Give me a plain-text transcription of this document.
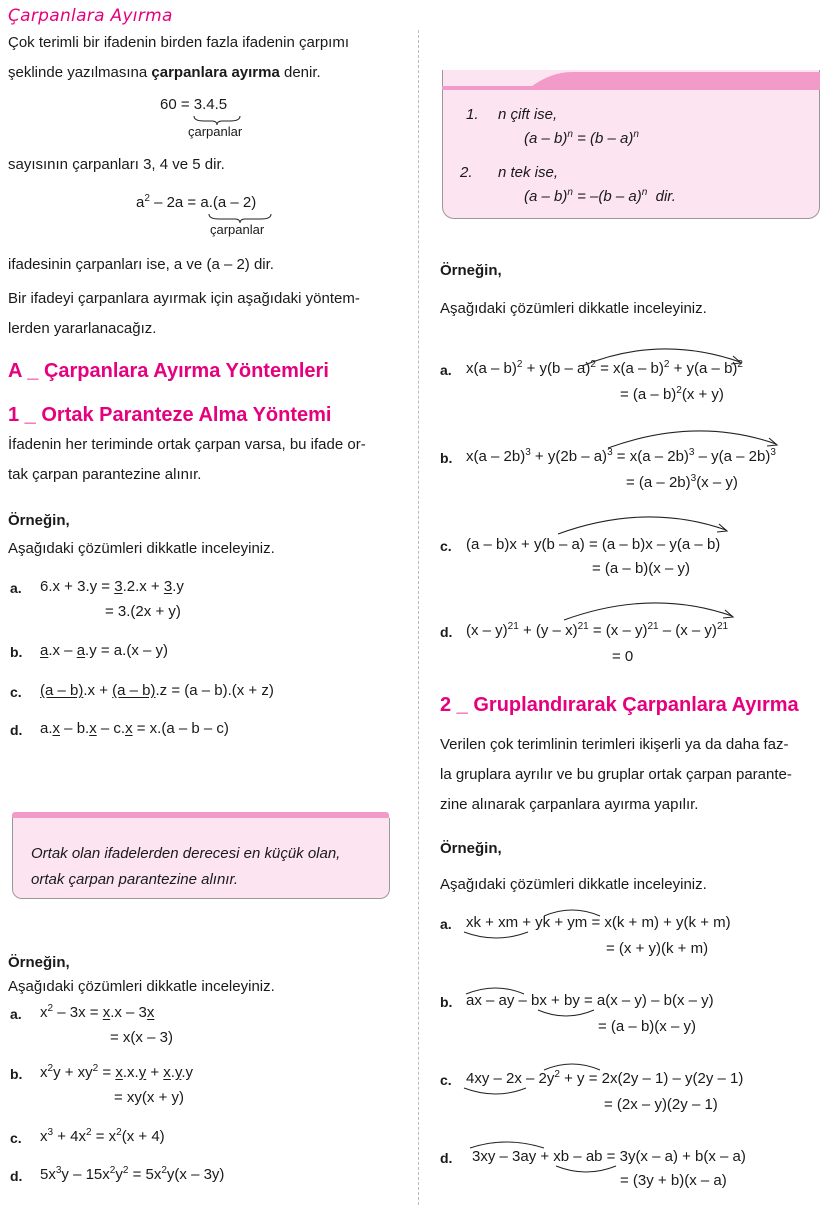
Çarpanlara Ayırma
Çok terimli bir ifadenin birden fazla ifadenin çarpımı
şeklinde yazılmasına çarpanlara ayırma denir.
60 = 3.4.5
çarpanlar
sayısının çarpanları 3, 4 ve 5 dir.
$a^2 - 2a = a.(a - 2)$
çarpanlar
ifadesinin çarpanları ise, a ve (a – 2) dir.
Bir ifadeyi çarpanlara ayırmak için aşağıdaki yöntem-
lerden yararlanacağız.
A _ Çarpanlara Ayırma Yöntemleri
1 _ Ortak Paranteze Alma Yöntemi
İfadenin her teriminde ortak çarpan varsa, bu ifade or-
tak çarpan parantezine alınır.
Örneğin,
Aşağıdaki çözümleri dikkatle inceleyiniz.
a. 6.x + 3.y = 3.2.x + 3.y
= 3.(2x + y)
b. a.x – a.y = a.(x – y)
c. (a – b).x + (a – b).z = (a – b).(x + z)
d. a.x – b.x – c.x = x.(a – b – c)
Ortak olan ifadelerden derecesi en küçük olan,
ortak çarpan parantezine alınır.
Örneğin,
Aşağıdaki çözümleri dikkatle inceleyiniz.
a. $x^2 - 3x = x.x - 3x$
= x(x – 3)
b. $x^2y + xy^2 = x.x.y + x.y.y$
= xy(x + y)
c. $x^3 + 4x^2 = x^2(x + 4)$
d. $5x^3y - 15x^2y^2 = 5x^2y(x - 3y)$
1. n çift ise,
(a – b)$^n$ = (b – a)$^n$
2. n tek ise,
(a – b)$^n$ = –(b – a)$^n$  dir.
Örneğin,
Aşağıdaki çözümleri dikkatle inceleyiniz.
a. x(a – b)$^2$ + y(b – a)$^2$ = x(a – b)$^2$ + y(a – b)$^2$
= (a – b)$^2$(x + y)
b. x(a – 2b)$^3$ + y(2b – a)$^3$ = x(a – 2b)$^3$ – y(a – 2b)$^3$
= (a – 2b)$^3$(x – y)
c. (a – b)x + y(b – a) = (a – b)x – y(a – b)
= (a – b)(x – y)
d. (x – y)$^{21}$ + (y – x)$^{21}$ = (x – y)$^{21}$ – (x – y)$^{21}$
= 0
2 _ Gruplandırarak Çarpanlara Ayırma
Verilen çok terimlinin terimleri ikişerli ya da daha faz-
la gruplara ayrılır ve bu gruplar ortak çarpan parante-
zine alınarak çarpanlara ayırma yapılır.
Örneğin,
Aşağıdaki çözümleri dikkatle inceleyiniz.
a. xk + xm + yk + ym = x(k + m) + y(k + m)
= (x + y)(k + m)
b. ax – ay – bx + by = a(x – y) – b(x – y)
= (a – b)(x – y)
c. $4xy - 2x - 2y^2 + y = 2x(2y - 1) - y(2y - 1)$
= (2x – y)(2y – 1)
d. 3xy – 3ay + xb – ab = 3y(x – a) + b(x – a)
= (3y + b)(x – a)
